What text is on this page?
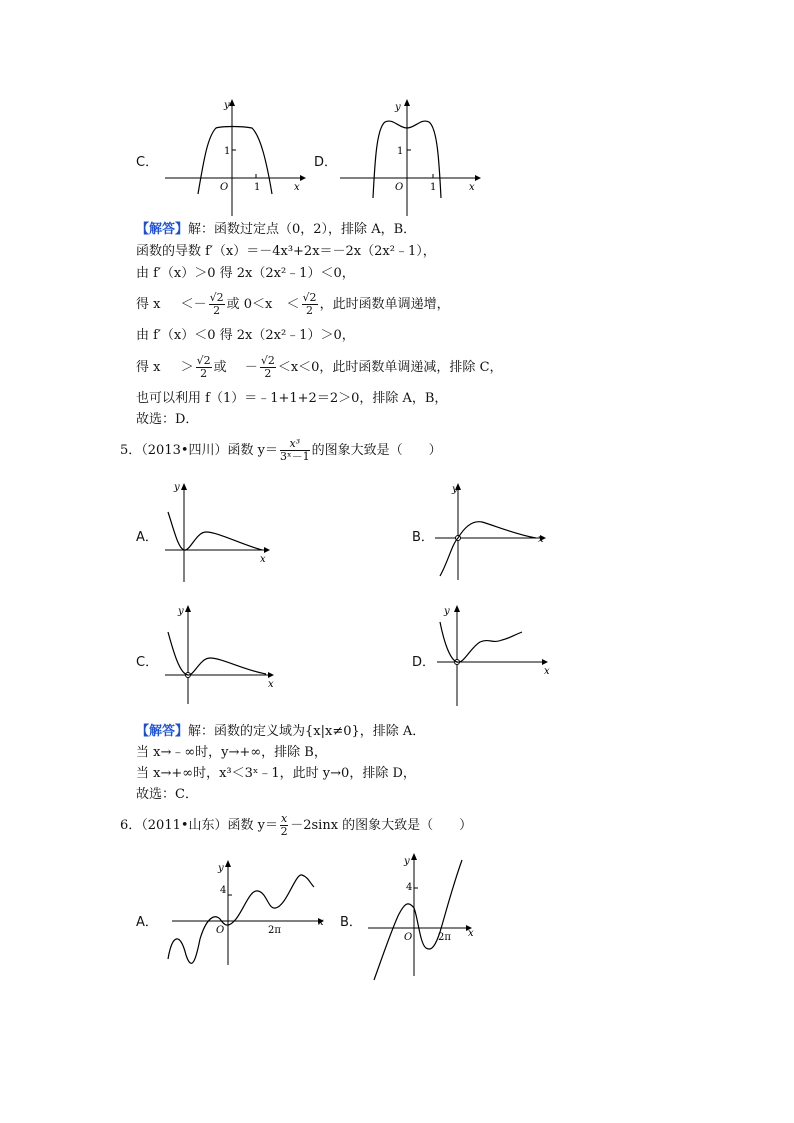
C．
y
x
O
1
1
D．
y
x
O
1
1
【解答】解：函数过定点（0，2），排除 A，B．
函数的导数 f′（x）＝－4x³+2x＝－2x（2x²﹣1），
由 f′（x）＞0 得 2x（2x²﹣1）＜0，
得 $x <- \frac{√2}{2}$ 或 $0<x < \frac{√2}{2}$ ，此时函数单调递增，
由 f′（x）＜0 得 2x（2x²﹣1）＞0，
得 $x > \frac{√2}{2}$ 或 － $\frac{√2}{2} <x<0$，此时函数单调递减，排除 C，
也可以利用 f（1）＝﹣1+1+2＝2＞0，排除 A，B，
故选：D．
5．（2013•四川）函数 $y= \frac{\text{x³}}{\text{3ˣ－1}}$ 的图象大致是（　　）
A．
y
x
B．
y
x
C．
y
x
D．
y
x
【解答】解：函数的定义域为{x|x≠0}，排除 A．
当 x→﹣∞时，y→+∞，排除 B，
当 x→+∞时，x³＜3ˣ﹣1，此时 y→0，排除 D，
故选：C．
6．（2011•山东）函数 $y= \frac{x}{2} -2\sin x$ 的图象大致是（　　）
A．
y
x
O
4
2π
B．
y
x
O
4
2π
